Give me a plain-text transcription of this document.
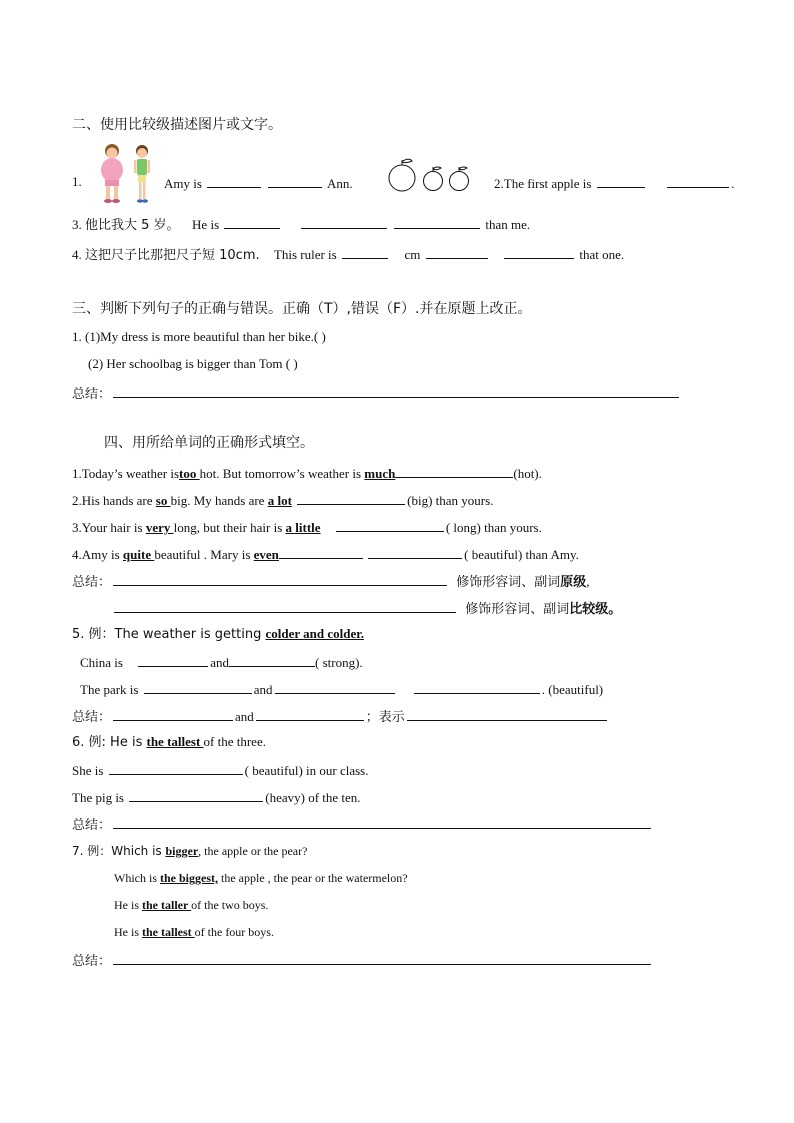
二、使用比较级描述图片或文字。
1.	Amy is	Ann.	2.The first apple is	.
3. 他比我大 5 岁。 He is	than me.
4. 这把尺子比那把尺子短 10cm. This ruler is	cm	that one.
三、判断下列句子的正确与错误。正确（T）,错误（F）.并在原题上改正。
1. (1)My dress is more beautiful than her bike.( )
(2) Her schoolbag is bigger than Tom ( )
总结：
四、用所给单词的正确形式填空。
1.Today’s weather istoo hot. But tomorrow’s weather is much	(hot).
2.His hands are so big. My hands are a lot	(big) than yours.
3.Your hair is very long, but their hair is a little	( long) than yours.
4.Amy is quite beautiful . Mary is even	( beautiful) than Amy.
总结：	修饰形容词、副词原级,
修饰形容词、副词比较级。
5. 例：The weather is getting colder and colder.
China is	and	( strong).
The park is	and	. (beautiful)
总结：	and	；表示
6. 例: He is the tallest of the three.
She is	( beautiful) in our class.
The pig is	(heavy) of the ten.
总结：
7. 例：Which is bigger, the apple or the pear?
Which is the biggest, the apple , the pear or the watermelon?
He is the taller of the two boys.
He is the tallest of the four boys.
总结：
